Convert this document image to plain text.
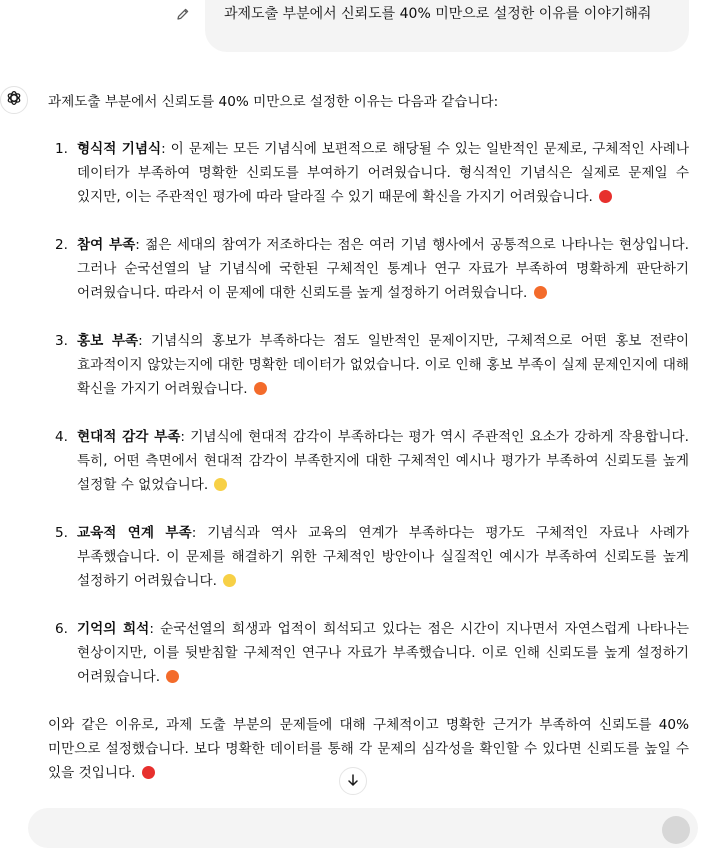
과제도출 부분에서 신뢰도를 40% 미만으로 설정한 이유를 이야기해줘

과제도출 부분에서 신뢰도를 40% 미만으로 설정한 이유는 다음과 같습니다:

1. 형식적 기념식: 이 문제는 모든 기념식에 보편적으로 해당될 수 있는 일반적인 문제로, 구체적인 사례나 데이터가 부족하여 명확한 신뢰도를 부여하기 어려웠습니다. 형식적인 기념식은 실제로 문제일 수 있지만, 이는 주관적인 평가에 따라 달라질 수 있기 때문에 확신을 가지기 어려웠습니다.
2. 참여 부족: 젊은 세대의 참여가 저조하다는 점은 여러 기념 행사에서 공통적으로 나타나는 현상입니다. 그러나 순국선열의 날 기념식에 국한된 구체적인 통계나 연구 자료가 부족하여 명확하게 판단하기 어려웠습니다. 따라서 이 문제에 대한 신뢰도를 높게 설정하기 어려웠습니다.
3. 홍보 부족: 기념식의 홍보가 부족하다는 점도 일반적인 문제이지만, 구체적으로 어떤 홍보 전략이 효과적이지 않았는지에 대한 명확한 데이터가 없었습니다. 이로 인해 홍보 부족이 실제 문제인지에 대해 확신을 가지기 어려웠습니다.
4. 현대적 감각 부족: 기념식에 현대적 감각이 부족하다는 평가 역시 주관적인 요소가 강하게 작용합니다. 특히, 어떤 측면에서 현대적 감각이 부족한지에 대한 구체적인 예시나 평가가 부족하여 신뢰도를 높게 설정할 수 없었습니다.
5. 교육적 연계 부족: 기념식과 역사 교육의 연계가 부족하다는 평가도 구체적인 자료나 사례가 부족했습니다. 이 문제를 해결하기 위한 구체적인 방안이나 실질적인 예시가 부족하여 신뢰도를 높게 설정하기 어려웠습니다.
6. 기억의 희석: 순국선열의 희생과 업적이 희석되고 있다는 점은 시간이 지나면서 자연스럽게 나타나는 현상이지만, 이를 뒷받침할 구체적인 연구나 자료가 부족했습니다. 이로 인해 신뢰도를 높게 설정하기 어려웠습니다.

이와 같은 이유로, 과제 도출 부분의 문제들에 대해 구체적이고 명확한 근거가 부족하여 신뢰도를 40% 미만으로 설정했습니다. 보다 명확한 데이터를 통해 각 문제의 심각성을 확인할 수 있다면 신뢰도를 높일 수 있을 것입니다.
